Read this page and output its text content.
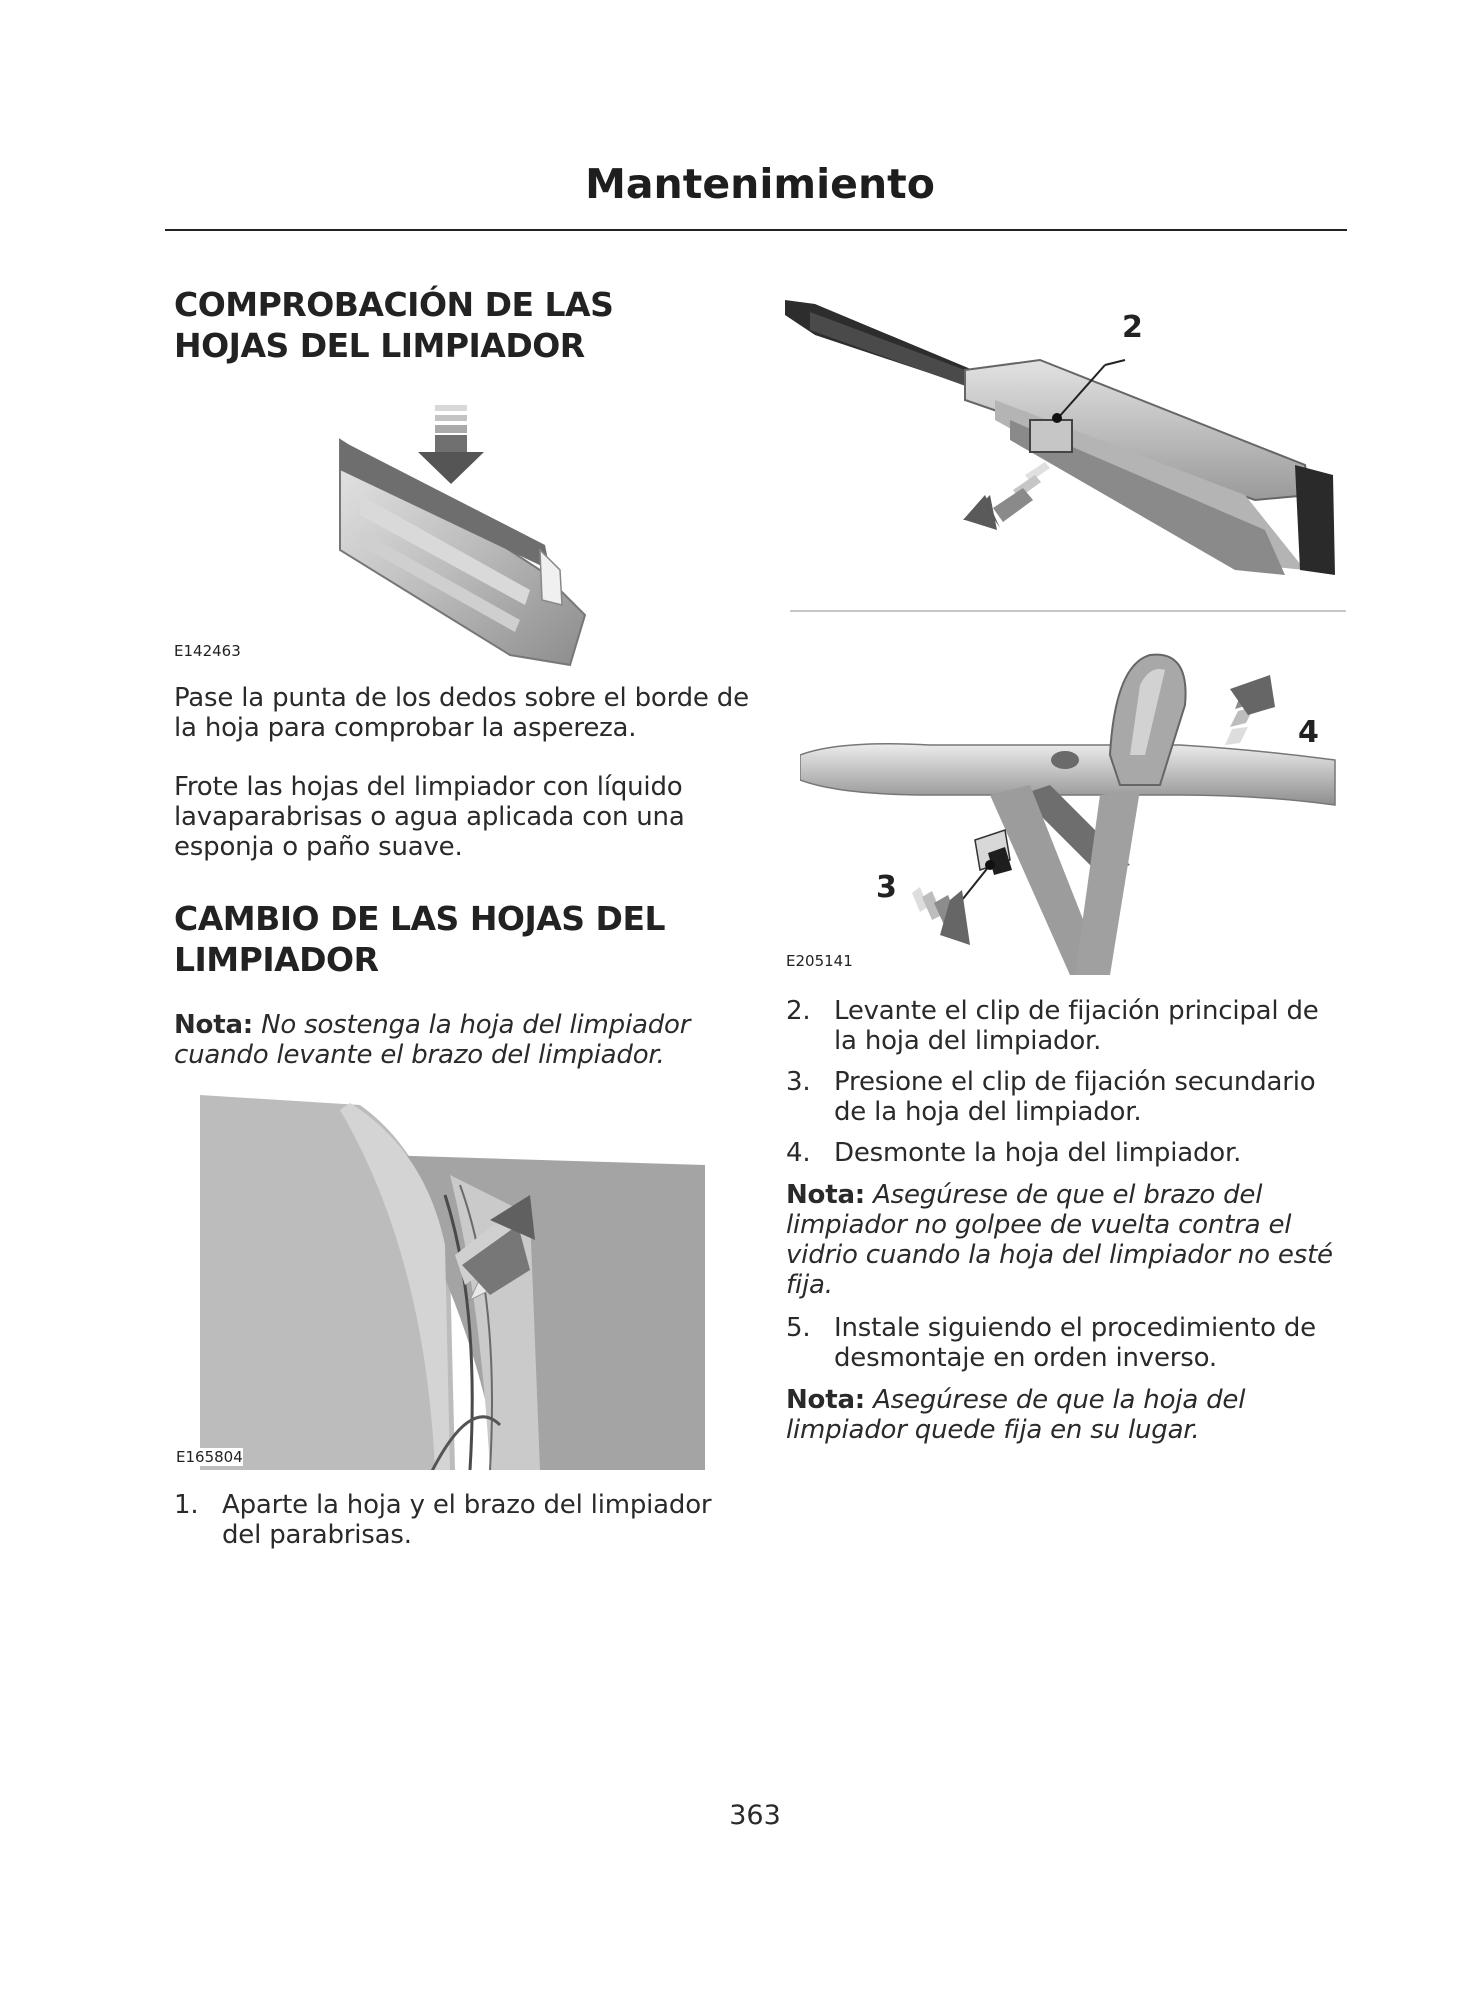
Mantenimiento
COMPROBACIÓN DE LAS HOJAS DEL LIMPIADOR
E142463
Pase la punta de los dedos sobre el borde de la hoja para comprobar la aspereza.
Frote las hojas del limpiador con líquido lavaparabrisas o agua aplicada con una esponja o paño suave.
CAMBIO DE LAS HOJAS DEL LIMPIADOR
Nota: No sostenga la hoja del limpiador cuando levante el brazo del limpiador.
E165804
1. Aparte la hoja y el brazo del limpiador del parabrisas.
2
4
3
E205141
2. Levante el clip de fijación principal de la hoja del limpiador.
3. Presione el clip de fijación secundario de la hoja del limpiador.
4. Desmonte la hoja del limpiador.
Nota: Asegúrese de que el brazo del limpiador no golpee de vuelta contra el vidrio cuando la hoja del limpiador no esté fija.
5. Instale siguiendo el procedimiento de desmontaje en orden inverso.
Nota: Asegúrese de que la hoja del limpiador quede fija en su lugar.
363
